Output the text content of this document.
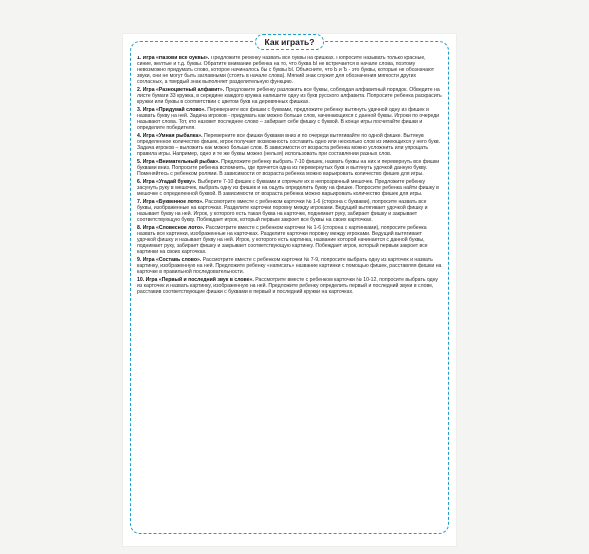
Как играть?

1. Игра «Назови все буквы». Предложите ребенку назвать все буквы на фишках. Попросите называть только красные, синие, желтые и т.д. буквы. Обратите внимание ребенка на то, что буква Ы не встречается в начале слова, поэтому невозможно придумать слово, которое начиналось бы с буквы Ы. Объясните, что Ь и Ъ - это буквы, которые не обозначают звуки, они не могут быть заглавными (стоять в начале слова). Мягкий знак служит для обозначения мягкости других согласных, а твердый знак выполняет разделительную функцию.

2. Игра «Разноцветный алфавит». Предложите ребенку разложить все буквы, соблюдая алфавитный порядок. Обведите на листе бумаги 33 кружка, в середине каждого кружка напишите одну из букв русского алфавита. Попросите ребенка раскрасить кружки или буквы в соответствии с цветом букв на деревянных фишках.

3. Игра «Придумай слово». Переверните все фишки с буквами, предложите ребенку вытянуть удачной одну из фишек и назвать букву на ней. Задача игроков - придумать как можно больше слов, начинающихся с данной буквы. Игроки по очереди называют слова. Тот, кто назовет последнее слово – забирает себе фишку с буквой. В конце игры посчитайте фишки и определите победителя.

4. Игра «Умная рыбалка». Переверните все фишки буквами вниз и по очереди вытягивайте по одной фишке. Вытянув определенное количество фишек, игрок получает возможность составить одно или несколько слов из имеющихся у него букв. Задача игроков – выложить как можно больше слов. В зависимости от возраста ребенка можно усложнить или упрощать правила игры. Например, одно и те же буквы можно (нельзя) использовать при составлении разных слов.

5. Игра «Внимательный рыбак». Предложите ребенку выбрать 7-10 фишек, назвать буквы на них и перевернуть все фишки буквами вниз. Попросите ребенка вспомнить, где прячется одна из перевернутых букв и вытянуть удочкой данную букву. Поменяйтесь с ребенком ролями. В зависимости от возраста ребенка можно варьировать количество фишек для игры.

6. Игра «Угадай букву». Выберите 7-10 фишек с буквами и спрячьте их в непрозрачный мешочек. Предложите ребенку засунуть руку в мешочек, выбрать одну из фишек и на ощупь определить букву на фишке. Попросите ребенка найти фишку в мешочке с определенной буквой. В зависимости от возраста ребенка можно варьировать количество фишек для игры.

7. Игра «Буквенное лото». Рассмотрите вместе с ребенком карточки № 1-6 (сторона с буквами), попросите назвать все буквы, изображенные на карточках. Разделите карточки поровну между игроками. Ведущий вытягивает удочкой фишку и называет букву на ней. Игрок, у которого есть такая буква на карточке, поднимает руку, забирает фишку и закрывает соответствующую букву. Побеждает игрок, который первым закроет все буквы на своих карточках.

8. Игра «Словесное лото». Рассмотрите вместе с ребенком карточки № 1-6 (сторона с картинками), попросите ребенка назвать все картинки, изображенные на карточках. Разделите карточки поровну между игроками. Ведущий вытягивает удочкой фишку и называет букву на ней. Игрок, у которого есть картинка, название которой начинается с данной буквы, поднимает руку, забирает фишку и закрывает соответствующую картинку. Побеждает игрок, который первым закроет все картинки на своих карточках.

9. Игра «Составь слово». Рассмотрите вместе с ребенком карточки № 7-9, попросите выбрать одну из карточек и назвать картинку, изображенную на ней. Предложите ребенку «написать» название картинки с помощью фишек, расставляя фишки на карточке в правильной последовательности.

10. Игра «Первый и последний звук в слове». Рассмотрите вместе с ребенком карточки № 10-12, попросите выбрать одну из карточек и назвать картинку, изображенную на ней. Предложите ребенку определить первый и последний звуки в слове, расставив соответствующие фишки с буквами в первый и последний кружки на карточках.
